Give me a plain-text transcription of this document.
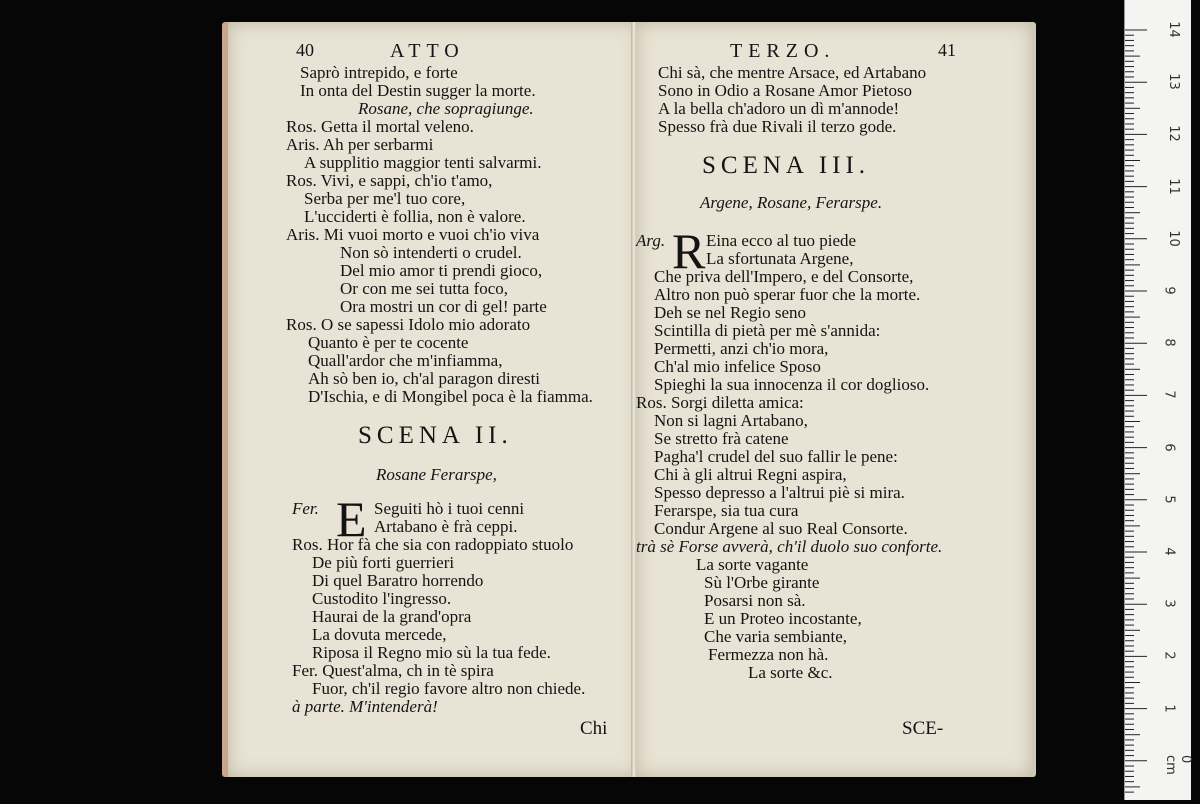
40	ATTO
Saprò intrepido, e forte
In onta del Destin sugger la morte.
Rosane, che sopragiunge.
Ros. Getta il mortal veleno.
Aris. Ah per serbarmi
A supplitio maggior tenti salvarmi.
Ros. Vivi, e sappi, ch'io t'amo,
Serba per me'l tuo core,
L'ucciderti è follia, non è valore.
Aris. Mi vuoi morto e vuoi ch'io viva
Non sò intenderti o crudel.
Del mio amor ti prendi gioco,
Or con me sei tutta foco,
Ora mostri un cor di gel! parte
Ros. O se sapessi Idolo mio adorato
Quanto è per te cocente
Quall'ardor che m'infiamma,
Ah sò ben io, ch'al paragon diresti
D'Ischia, e di Mongibel poca è la fiamma.
SCENA II.
Rosane Ferarspe,
E
Fer.	Seguiti hò i tuoi cenni
Artabano è frà ceppi.
Ros. Hor fà che sia con radoppiato stuolo
De più forti guerrieri
Di quel Baratro horrendo
Custodito l'ingresso.
Haurai de la grand'opra
La dovuta mercede,
Riposa il Regno mio sù la tua fede.
Fer. Quest'alma, ch in tè spira
Fuor, ch'il regio favore altro non chiede.
à parte. M'intenderà!
Chi
TERZO.	41
Chi sà, che mentre Arsace, ed Artabano
Sono in Odio a Rosane Amor Pietoso
A la bella ch'adoro un dì m'annode!
Spesso frà due Rivali il terzo gode.
SCENA III.
Argene, Rosane, Ferarspe.
R
Arg. Eina ecco al tuo piede
La sfortunata Argene,
Che priva dell'Impero, e del Consorte,
Altro non può sperar fuor che la morte.
Deh se nel Regio seno
Scintilla di pietà per mè s'annida:
Permetti, anzi ch'io mora,
Ch'al mio infelice Sposo
Spieghi la sua innocenza il cor doglioso.
Ros. Sorgi diletta amica:
Non si lagni Artabano,
Se stretto frà catene
Pagha'l crudel del suo fallir le pene:
Chi à gli altrui Regni aspira,
Spesso depresso a l'altrui piè si mira.
Ferarspe, sia tua cura
Condur Argene al suo Real Consorte.
trà sè Forse avverà, ch'il duolo suo conforte.
La sorte vagante
Sù l'Orbe girante
Posarsi non sà.
E un Proteo incostante,
Che varia sembiante,
Fermezza non hà.
La sorte &c.
SCE-
14
13
12
11
10
9
8
7
6
5
4
3
2
1
0 cm
